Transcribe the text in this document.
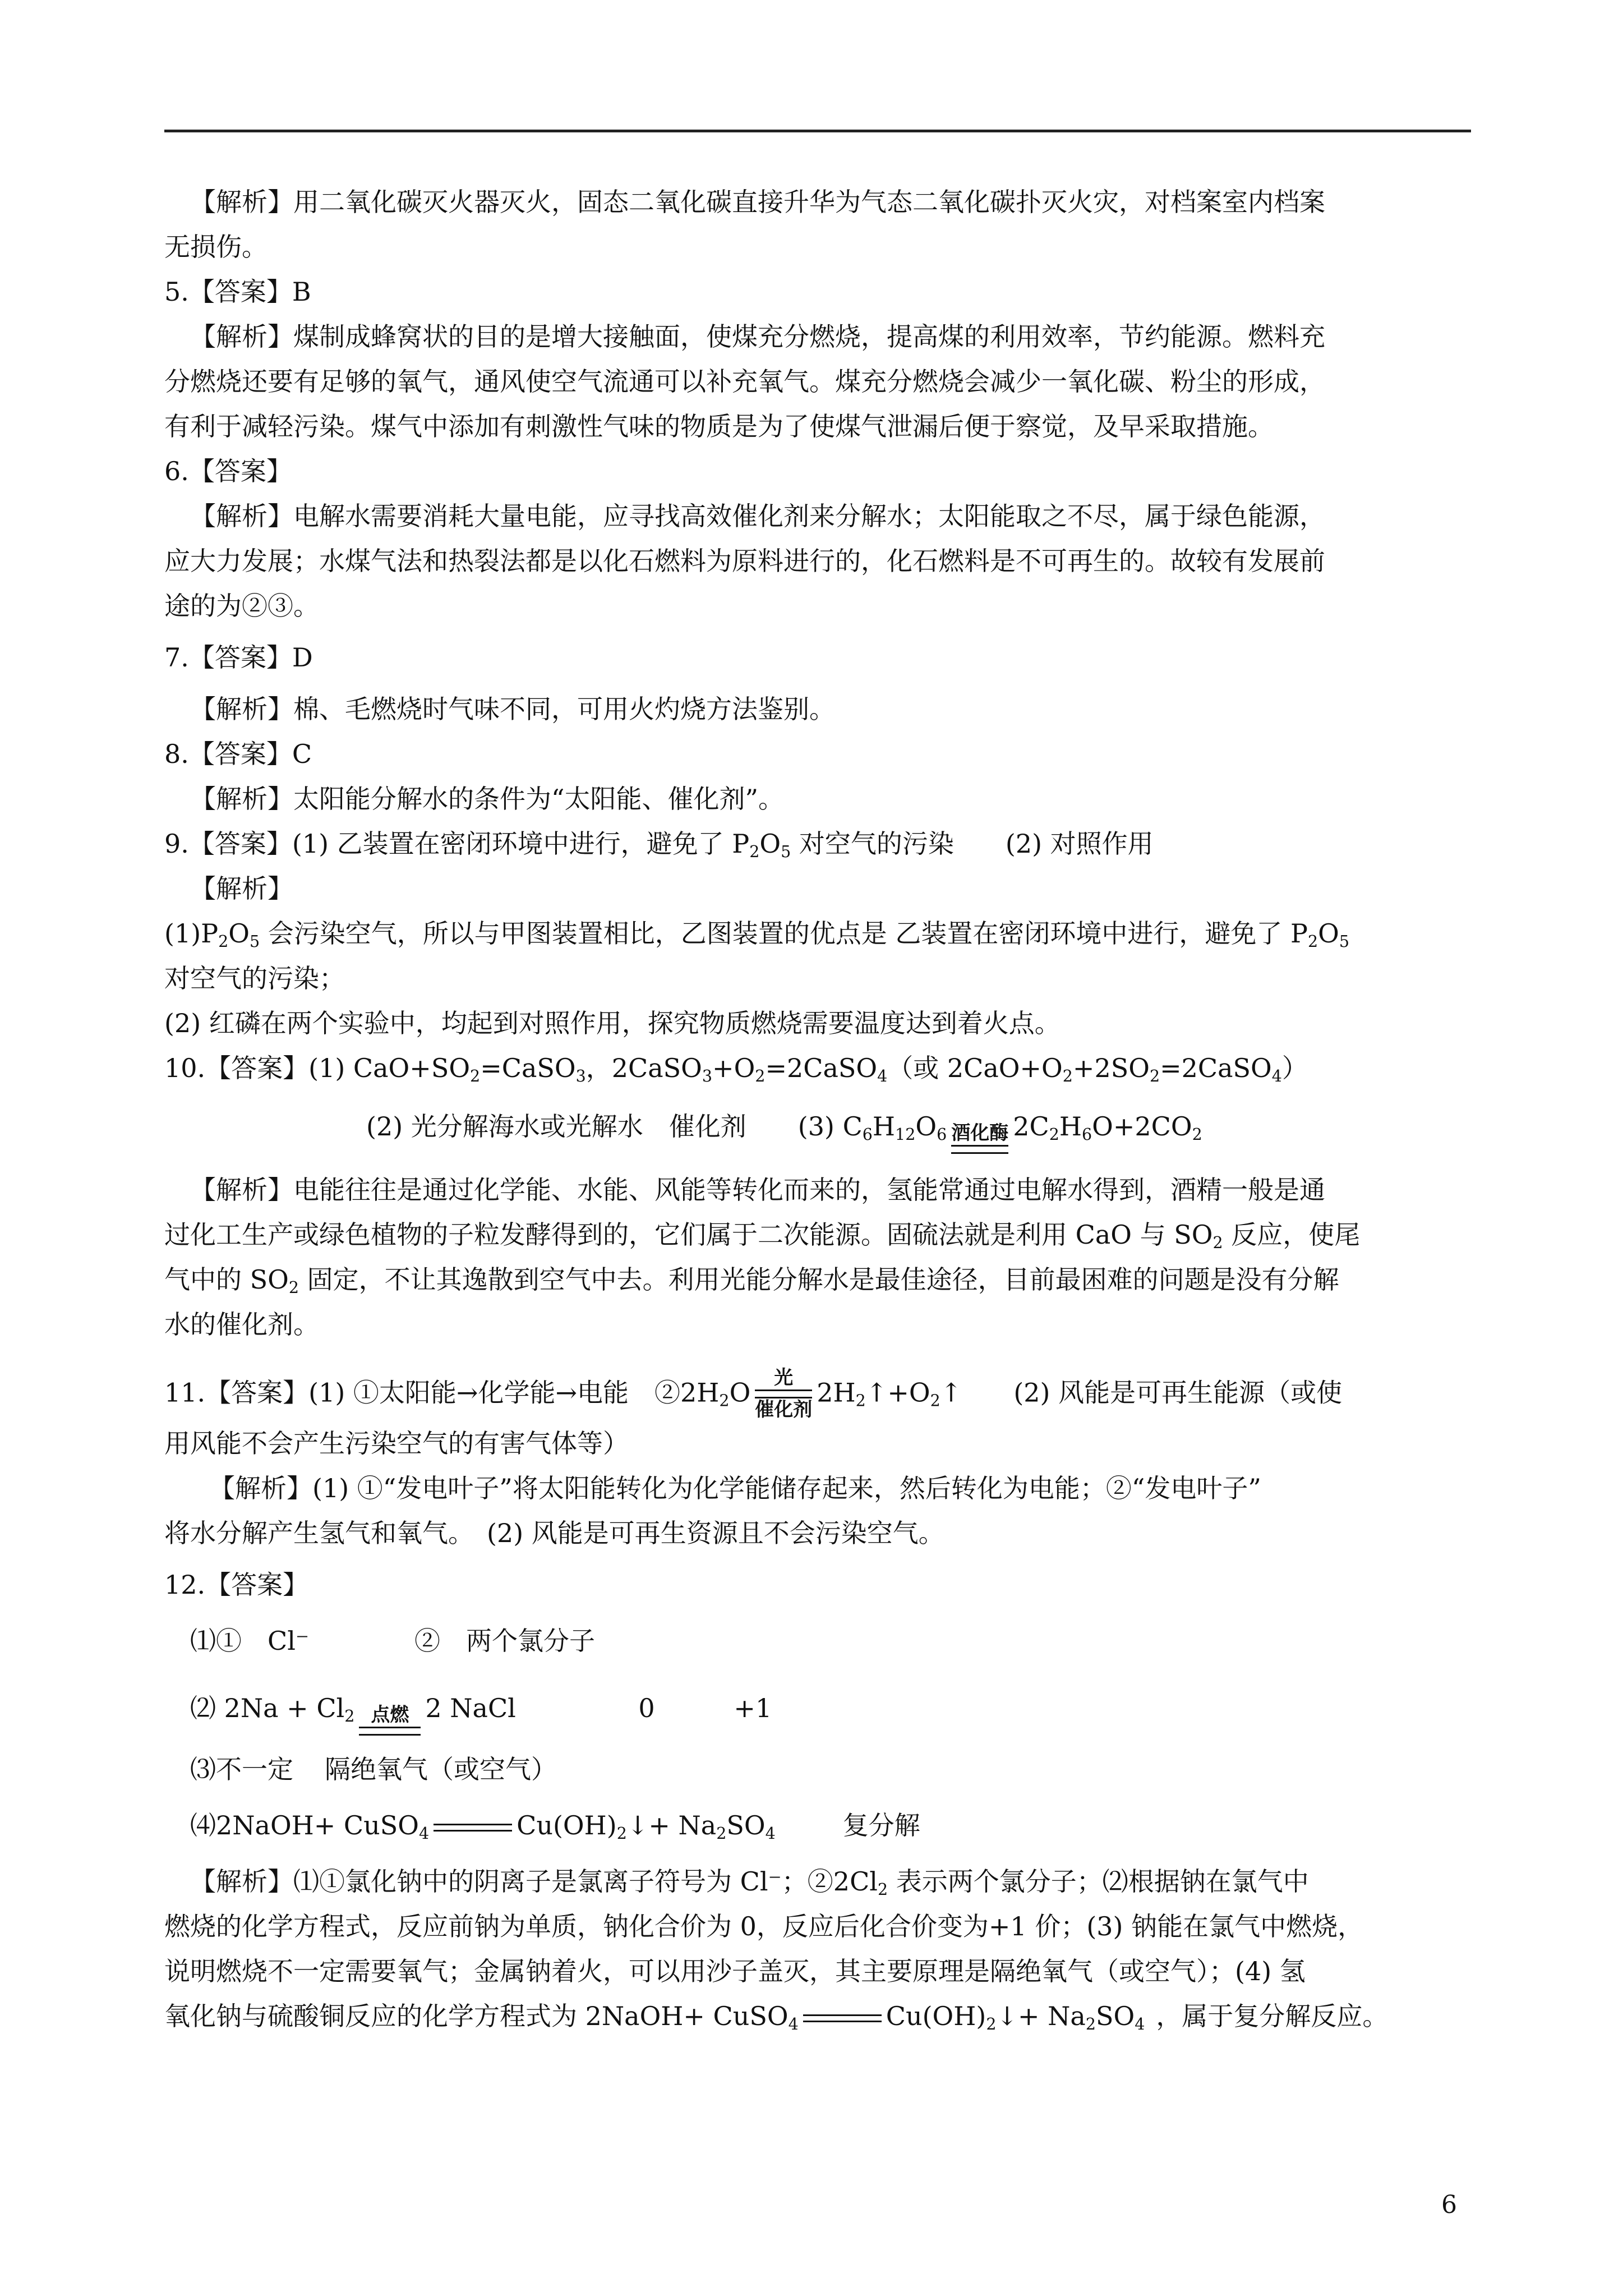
【解析】用二氧化碳灭火器灭火，固态二氧化碳直接升华为气态二氧化碳扑灭火灾，对档案室内档案

无损伤。

5.【答案】B

【解析】煤制成蜂窝状的目的是增大接触面，使煤充分燃烧，提高煤的利用效率，节约能源。燃料充

分燃烧还要有足够的氧气，通风使空气流通可以补充氧气。煤充分燃烧会减少一氧化碳、粉尘的形成，

有利于减轻污染。煤气中添加有刺激性气味的物质是为了使煤气泄漏后便于察觉，及早采取措施。

6.【答案】

【解析】电解水需要消耗大量电能，应寻找高效催化剂来分解水；太阳能取之不尽，属于绿色能源，

应大力发展；水煤气法和热裂法都是以化石燃料为原料进行的，化石燃料是不可再生的。故较有发展前

途的为②③。

7.【答案】D

【解析】棉、毛燃烧时气味不同，可用火灼烧方法鉴别。

8.【答案】C

【解析】太阳能分解水的条件为“太阳能、催化剂”。

9.【答案】(1) 乙装置在密闭环境中进行，避免了 $P_2O_5$ 对空气的污染　　(2) 对照作用

【解析】

$(1)P_2O_5$ 会污染空气，所以与甲图装置相比，乙图装置的优点是 乙装置在密闭环境中进行，避免了 $P_2O_5$

对空气的污染；

(2) 红磷在两个实验中，均起到对照作用，探究物质燃烧需要温度达到着火点。

10.【答案】(1) $CaO+SO_2=CaSO_3$，$2CaSO_3+O_2=2CaSO_4$（或 $2CaO+O_2+2SO_2=2CaSO_4$）

(2) 光分解海水或光解水　催化剂　　(3) $C_6H_{12}O_6$ 酒化酶 $2C_2H_6O+2CO_2$

【解析】电能往往是通过化学能、水能、风能等转化而来的，氢能常通过电解水得到，酒精一般是通

过化工生产或绿色植物的子粒发酵得到的，它们属于二次能源。固硫法就是利用 CaO 与 $SO_2$ 反应，使尾

气中的 $SO_2$ 固定，不让其逸散到空气中去。利用光能分解水是最佳途径，目前最困难的问题是没有分解

水的催化剂。

11.【答案】(1) ①太阳能→化学能→电能　$②2H_2O$	光
催化剂
$2H_2↑+O_2↑$　　(2) 风能是可再生能源（或使

用风能不会产生污染空气的有害气体等）

【解析】(1) ①“发电叶子”将太阳能转化为化学能储存起来，然后转化为电能；②“发电叶子”

将水分解产生氢气和氧气。　(2) 风能是可再生资源且不会污染空气。

12.【答案】

⑴①　Cl⁻	②　两个氯分子

⑵ $2Na + Cl_2$ 点燃 2 NaCl	0	+1

⑶不一定 隔绝氧气（或空气）

⑷2NaOH+ CuSO$_4$	$Cu(OH)_2↓+ Na_2SO_4$	复分解

【解析】⑴①氯化钠中的阴离子是氯离子符号为 Cl⁻；$②2Cl_2$ 表示两个氯分子；⑵根据钠在氯气中

燃烧的化学方程式，反应前钠为单质，钠化合价为 0，反应后化合价变为+1 价；(3) 钠能在氯气中燃烧，

说明燃烧不一定需要氧气；金属钠着火，可以用沙子盖灭，其主要原理是隔绝氧气（或空气）；(4) 氢

氧化钠与硫酸铜反应的化学方程式为 2NaOH+ CuSO$_4$	$Cu(OH)_2↓+ Na_2SO_4$ ，属于复分解反应。

6
